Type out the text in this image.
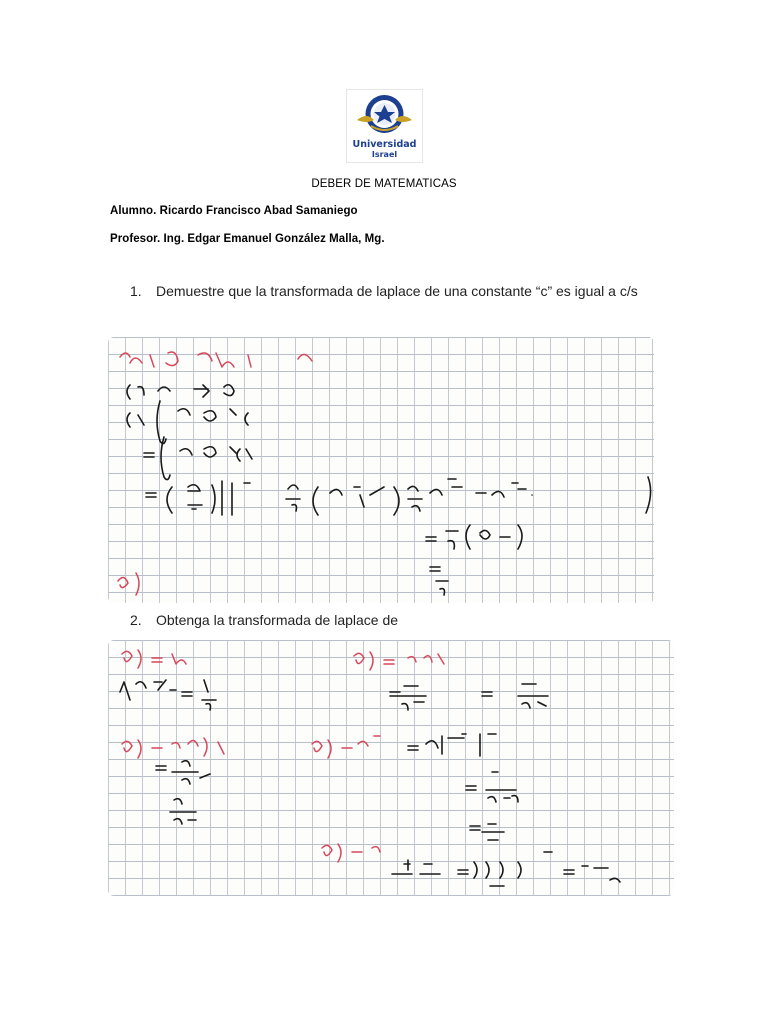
Universidad
Israel
DEBER DE MATEMATICAS
Alumno. Ricardo Francisco Abad Samaniego
Profesor. Ing. Edgar Emanuel González Malla, Mg.
1. Demuestre que la transformada de laplace de una constante “c” es igual a c/s
2. Obtenga la transformada de laplace de
